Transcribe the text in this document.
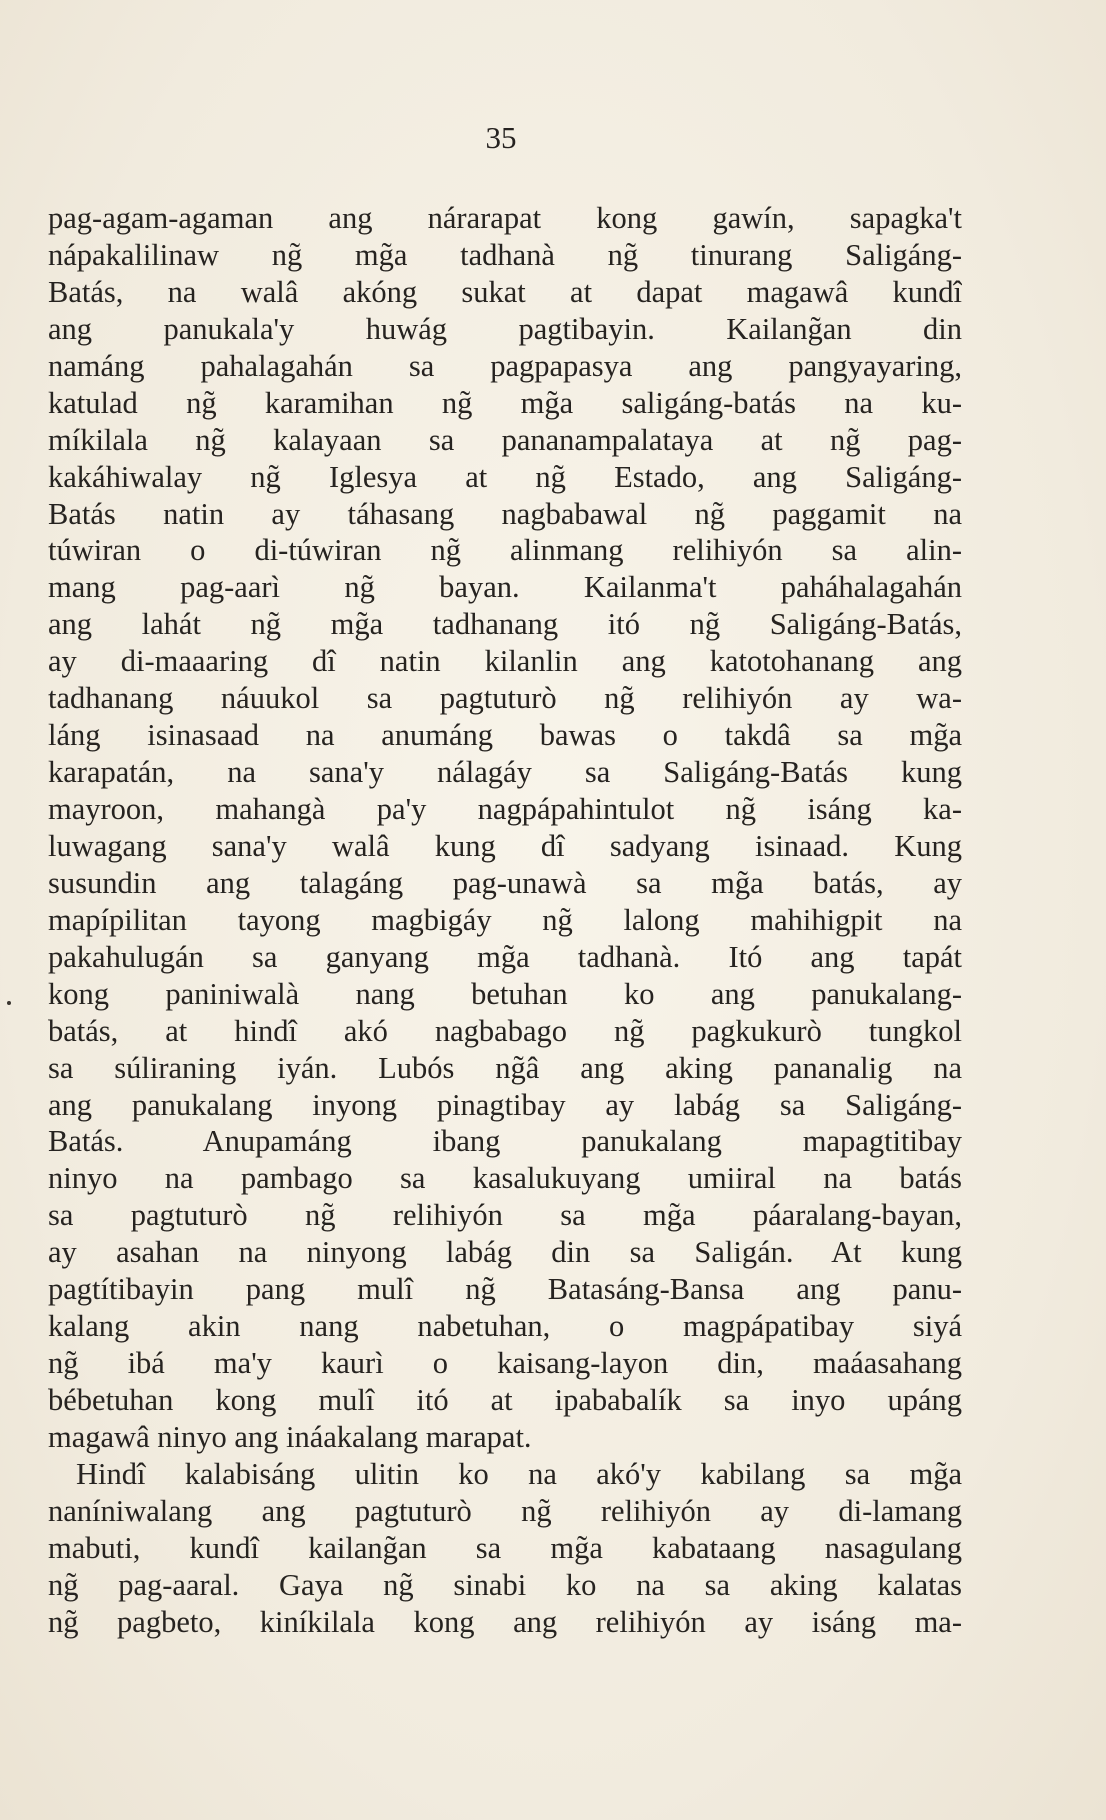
35
pag-agam-agaman ang nárarapat kong gawín, sapagka't
nápakalilinaw ng̃ mg̃a tadhanà ng̃ tinurang Saligáng-
Batás, na walâ akóng sukat at dapat magawâ kundî
ang panukala'y huwág pagtibayin. Kailang̃an din
namáng pahalagahán sa pagpapasya ang pangyayaring,
katulad ng̃ karamihan ng̃ mg̃a saligáng-batás na ku-
míkilala ng̃ kalayaan sa pananampalataya at ng̃ pag-
kakáhiwalay ng̃ Iglesya at ng̃ Estado, ang Saligáng-
Batás natin ay táhasang nagbabawal ng̃ paggamit na
túwiran o di-túwiran ng̃ alinmang relihiyón sa alin-
mang pag-aarì ng̃ bayan. Kailanma't paháhalagahán
ang lahát ng̃ mg̃a tadhanang itó ng̃ Saligáng-Batás,
ay di-maaaring dî natin kilanlin ang katotohanang ang
tadhanang náuukol sa pagtuturò ng̃ relihiyón ay wa-
láng isinasaad na anumáng bawas o takdâ sa mg̃a
karapatán, na sana'y nálagáy sa Saligáng-Batás kung
mayroon, mahangà pa'y nagpápahintulot ng̃ isáng ka-
luwagang sana'y walâ kung dî sadyang isinaad. Kung
susundin ang talagáng pag-unawà sa mg̃a batás, ay
mapípilitan tayong magbigáy ng̃ lalong mahihigpit na
pakahulugán sa ganyang mg̃a tadhanà. Itó ang tapát
kong paniniwalà nang betuhan ko ang panukalang-
batás, at hindî akó nagbabago ng̃ pagkukurò tungkol
sa súliraning iyán. Lubós ng̃â ang aking pananalig na
ang panukalang inyong pinagtibay ay labág sa Saligáng-
Batás. Anupamáng ibang panukalang mapagtitibay
ninyo na pambago sa kasalukuyang umiiral na batás
sa pagtuturò ng̃ relihiyón sa mg̃a páaralang-bayan,
ay asahan na ninyong labág din sa Saligán. At kung
pagtítibayin pang mulî ng̃ Batasáng-Bansa ang panu-
kalang akin nang nabetuhan, o magpápatibay siyá
ng̃ ibá ma'y kaurì o kaisang-layon din, maáasahang
bébetuhan kong mulî itó at ipababalík sa inyo upáng
magawâ ninyo ang ináakalang marapat.
Hindî kalabisáng ulitin ko na akó'y kabilang sa mg̃a
naníniwalang ang pagtuturò ng̃ relihiyón ay di-lamang
mabuti, kundî kailang̃an sa mg̃a kabataang nasagulang
ng̃ pag-aaral. Gaya ng̃ sinabi ko na sa aking kalatas
ng̃ pagbeto, kiníkilala kong ang relihiyón ay isáng ma-
